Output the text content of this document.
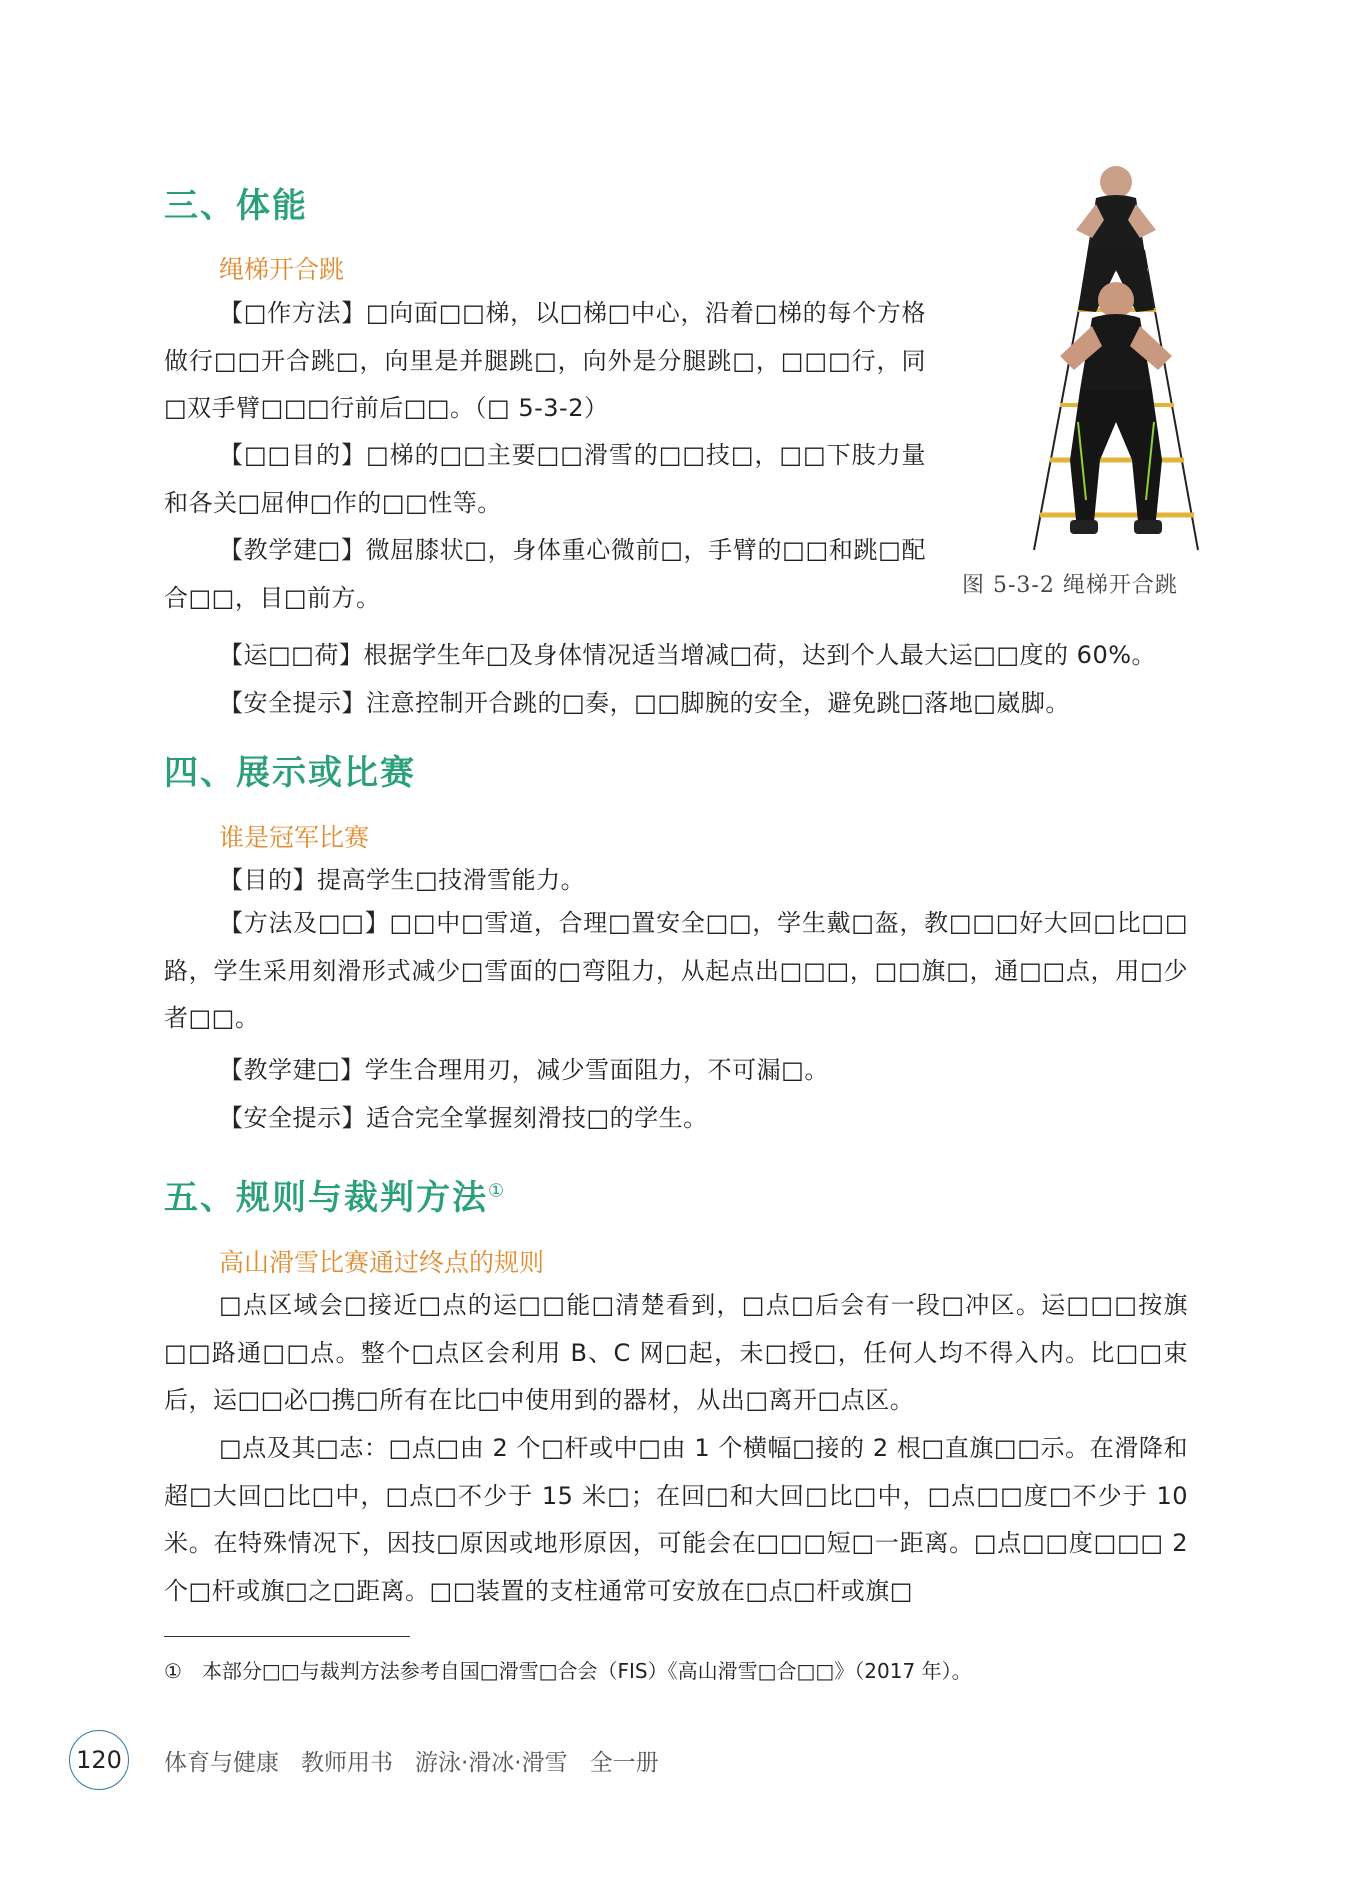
三、体能
绳梯开合跳
【□作方法】□向面□□梯，以□梯□中心，沿着□梯的每个方格做行□□开合跳□，向里是并腿跳□，向外是分腿跳□，□□□行，同□双手臂□□□行前后□□。（□ 5-3-2）
【□□目的】□梯的□□主要□□滑雪的□□技□，□□下肢力量和各关□屈伸□作的□□性等。
【教学建□】微屈膝状□，身体重心微前□，手臂的□□和跳□配合□□，目□前方。
【运□□荷】根据学生年□及身体情况适当增减□荷，达到个人最大运□□度的 60%。
【安全提示】注意控制开合跳的□奏，□□脚腕的安全，避免跳□落地□崴脚。
图 5-3-2 绳梯开合跳
四、展示或比赛
谁是冠军比赛
【目的】提高学生□技滑雪能力。
【方法及□□】□□中□雪道，合理□置安全□□，学生戴□盔，教□□□好大回□比□□路，学生采用刻滑形式减少□雪面的□弯阻力，从起点出□□□，□□旗□，通□□点，用□少者□□。
【教学建□】学生合理用刃，减少雪面阻力，不可漏□。
【安全提示】适合完全掌握刻滑技□的学生。
五、规则与裁判方法①
高山滑雪比赛通过终点的规则
□点区域会□接近□点的运□□能□清楚看到，□点□后会有一段□冲区。运□□□按旗□□路通□□点。整个□点区会利用 B、C 网□起，未□授□，任何人均不得入内。比□□束后，运□□必□携□所有在比□中使用到的器材，从出□离开□点区。
□点及其□志：□点□由 2 个□杆或中□由 1 个横幅□接的 2 根□直旗□□示。在滑降和超□大回□比□中，□点□不少于 15 米□；在回□和大回□比□中，□点□□度□不少于 10 米。在特殊情况下，因技□原因或地形原因，可能会在□□□短□一距离。□点□□度□□□ 2 个□杆或旗□之□距离。□□装置的支柱通常可安放在□点□杆或旗□
① 本部分□□与裁判方法参考自国□滑雪□合会（FIS）《高山滑雪□合□□》（2017 年）。
120	体育与健康 教师用书 游泳·滑冰·滑雪 全一册
